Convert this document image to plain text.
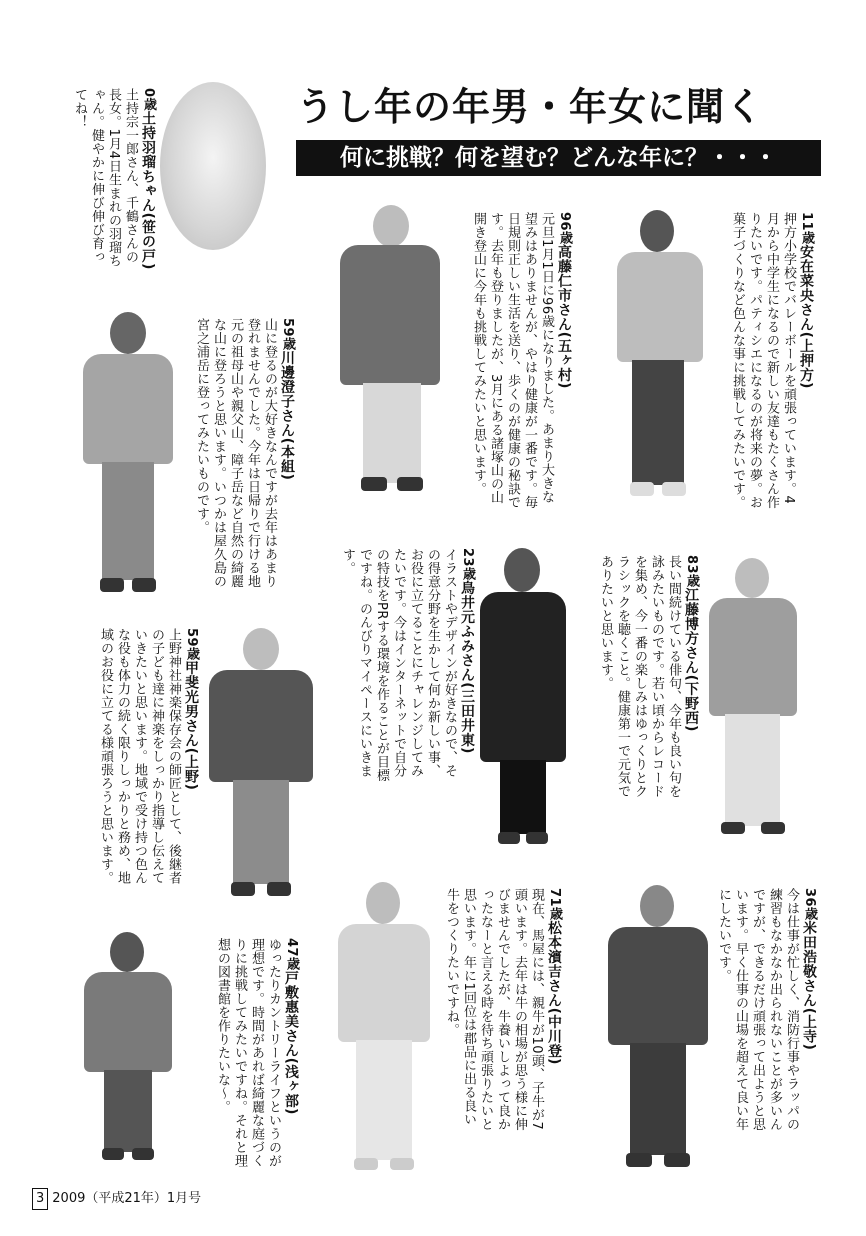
うし年の年男・年女に聞く
何に挑戦？何を望む？どんな年に？・・・
0歳土持羽瑠ちゃん(笹の戸)
土持宗一郎さん、千鶴さんの長女。1月4日生まれの羽瑠ちゃん。健やかに伸び伸び育ってね！
96歳高藤仁市さん(五ヶ村)
元旦1月1日に96歳になりました。あまり大きな望みはありませんが、やはり健康が一番です。毎日規則正しい生活を送り、歩くのが健康の秘訣です。去年も登りましたが、3月にある諸塚山の山開き登山に今年も挑戦してみたいと思います。	11歳安在菜央さん(上押方)
押方小学校でバレーボールを頑張っています。4月から中学生になるので新しい友達もたくさん作りたいです。パティシエになるのが将来の夢。お菓子づくりなど色んな事に挑戦してみたいです。
59歳川邊澄子さん(本組)
山に登るのが大好きなんですが去年はあまり登れませんでした。今年は日帰りで行ける地元の祖母山や親父山、障子岳など自然の綺麗な山に登ろうと思います。いつかは屋久島の宮之浦岳に登ってみたいものです。
23歳鳥井元ふみさん(三田井東)
イラストやデザインが好きなので、その得意分野を生かして何か新しい事、お役に立てることにチャレンジしてみたいです。今はインターネットで自分の特技をPRする環境を作ることが目標ですね。のんびりマイペースにいきます。	83歳江藤博方さん(下野西)
長い間続けている俳句、今年も良い句を詠みたいものです。若い頃からレコードを集め、今一番の楽しみはゆっくりとクラシックを聴くこと。健康第一で元気でありたいと思います。
59歳甲斐光男さん(上野)
上野神社神楽保存会の師匠として、後継者の子ども達に神楽をしっかり指導し伝えていきたいと思います。地域で受け持つ色んな役も体力の続く限りしっかりと務め、地域のお役に立てる様頑張ろうと思います。
47歳戸敷惠美さん(浅ヶ部)
ゆったりカントリーライフというのが理想です。時間があれば綺麗な庭づくりに挑戦してみたいですね。それと理想の図書館を作りたいな〜。
71歳松本濱吉さん(中川登)
現在、馬屋には、親牛が10頭、子牛が7頭います。去年は牛の相場が思う様に伸びませんでしたが、牛養いしよって良かったなーと言える時を待ち頑張りたいと思います。年に1回位は郡品に出る良い牛をつくりたいですね。	36歳米田浩敬さん(上寺)
今は仕事が忙しく、消防行事やラッパの練習もなかなか出られないことが多いんですが、できるだけ頑張って出ようと思います。早く仕事の山場を超えて良い年にしたいです。
3 2009（平成21年）1月号
